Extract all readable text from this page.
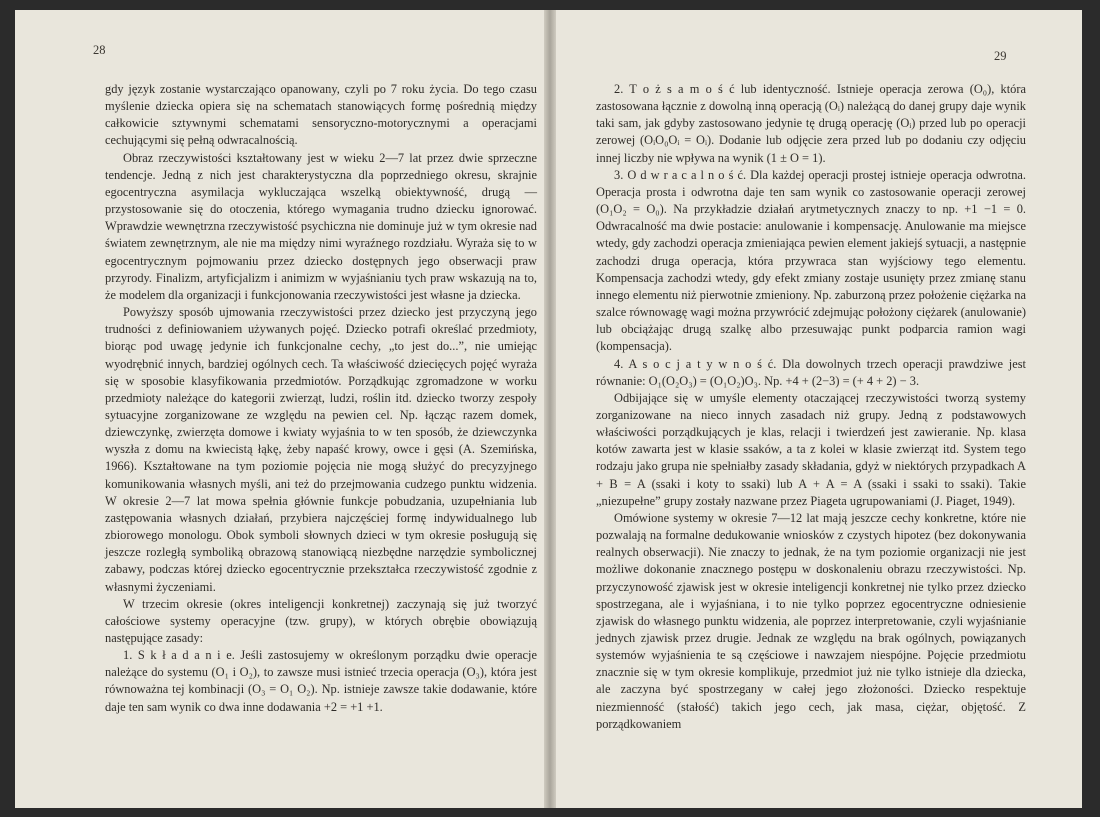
28

gdy język zostanie wystarczająco opanowany, czyli po 7 roku życia. Do tego czasu myślenie dziecka opiera się na schematach stanowiących formę pośrednią między całkowicie sztywnymi schematami sensoryczno-motorycznymi a operacjami cechującymi się pełną odwracalnością.

Obraz rzeczywistości kształtowany jest w wieku 2—7 lat przez dwie sprzeczne tendencje. Jedną z nich jest charakterystyczna dla poprzedniego okresu, skrajnie egocentryczna asymilacja wykluczająca wszelką obiektywność, drugą — przystosowanie się do otoczenia, którego wymagania trudno dziecku ignorować. Wprawdzie wewnętrzna rzeczywistość psychiczna nie dominuje już w tym okresie nad światem zewnętrznym, ale nie ma między nimi wyraźnego rozdziału. Wyraża się to w egocentrycznym pojmowaniu przez dziecko dostępnych jego obserwacji praw przyrody. Finalizm, artyficjalizm i animizm w wyjaśnianiu tych praw wskazują na to, że modelem dla organizacji i funkcjonowania rzeczywistości jest własne ja dziecka.

Powyższy sposób ujmowania rzeczywistości przez dziecko jest przyczyną jego trudności z definiowaniem używanych pojęć. Dziecko potrafi określać przedmioty, biorąc pod uwagę jedynie ich funkcjonalne cechy, „to jest do...”, nie umiejąc wyodrębnić innych, bardziej ogólnych cech. Ta właściwość dziecięcych pojęć wyraża się w sposobie klasyfikowania przedmiotów. Porządkując zgromadzone w worku przedmioty należące do kategorii zwierząt, ludzi, roślin itd. dziecko tworzy zespoły sytuacyjne zorganizowane ze względu na pewien cel. Np. łącząc razem domek, dziewczynkę, zwierzęta domowe i kwiaty wyjaśnia to w ten sposób, że dziewczynka wyszła z domu na kwiecistą łąkę, żeby napaść krowy, owce i gęsi (A. Szemińska, 1966). Kształtowane na tym poziomie pojęcia nie mogą służyć do precyzyjnego komunikowania własnych myśli, ani też do przejmowania cudzego punktu widzenia. W okresie 2—7 lat mowa spełnia głównie funkcje pobudzania, uzupełniania lub zastępowania własnych działań, przybiera najczęściej formę indywidualnego lub zbiorowego monologu. Obok symboli słownych dzieci w tym okresie posługują się jeszcze rozległą symboliką obrazową stanowiącą niezbędne narzędzie symbolicznej zabawy, podczas której dziecko egocentrycznie przekształca rzeczywistość zgodnie z własnymi życzeniami.

W trzecim okresie (okres inteligencji konkretnej) zaczynają się już tworzyć całościowe systemy operacyjne (tzw. grupy), w których obrębie obowiązują następujące zasady:

1. S k ł a d a n i e. Jeśli zastosujemy w określonym porządku dwie operacje należące do systemu (O₁ i O₂), to zawsze musi istnieć trzecia operacja (O₃), która jest równoważna tej kombinacji (O₃ = O₁ O₂). Np. istnieje zawsze takie dodawanie, które daje ten sam wynik co dwa inne dodawania +2 = +1 +1.

29

2. T o ż s a m o ś ć lub identyczność. Istnieje operacja zerowa (O₀), która zastosowana łącznie z dowolną inną operacją (Oᵢ) należącą do danej grupy daje wynik taki sam, jak gdyby zastosowano jedynie tę drugą operację (Oᵢ) przed lub po operacji zerowej (OᵢO₀Oᵢ = Oᵢ). Dodanie lub odjęcie zera przed lub po dodaniu czy odjęciu innej liczby nie wpływa na wynik (1 ± O = 1).

3. O d w r a c a l n o ś ć. Dla każdej operacji prostej istnieje operacja odwrotna. Operacja prosta i odwrotna daje ten sam wynik co zastosowanie operacji zerowej (O₁O₂ = O₀). Na przykładzie działań arytmetycznych znaczy to np. +1 −1 = 0. Odwracalność ma dwie postacie: anulowanie i kompensację. Anulowanie ma miejsce wtedy, gdy zachodzi operacja zmieniająca pewien element jakiejś sytuacji, a następnie zachodzi druga operacja, która przywraca stan wyjściowy tego elementu. Kompensacja zachodzi wtedy, gdy efekt zmiany zostaje usunięty przez zmianę stanu innego elementu niż pierwotnie zmieniony. Np. zaburzoną przez położenie ciężarka na szalce równowagę wagi można przywrócić zdejmując położony ciężarek (anulowanie) lub obciążając drugą szalkę albo przesuwając punkt podparcia ramion wagi (kompensacja).

4. A s o c j a t y w n o ś ć. Dla dowolnych trzech operacji prawdziwe jest równanie: O₁(O₂O₃) = (O₁O₂)O₃. Np. +4 + (2−3) = (+ 4 + 2) − 3.

Odbijające się w umyśle elementy otaczającej rzeczywistości tworzą systemy zorganizowane na nieco innych zasadach niż grupy. Jedną z podstawowych właściwości porządkujących je klas, relacji i twierdzeń jest zawieranie. Np. klasa kotów zawarta jest w klasie ssaków, a ta z kolei w klasie zwierząt itd. System tego rodzaju jako grupa nie spełniałby zasady składania, gdyż w niektórych przypadkach A + B = A (ssaki i koty to ssaki) lub A + A = A (ssaki i ssaki to ssaki). Takie „niezupełne” grupy zostały nazwane przez Piageta ugrupowaniami (J. Piaget, 1949).

Omówione systemy w okresie 7—12 lat mają jeszcze cechy konkretne, które nie pozwalają na formalne dedukowanie wniosków z czystych hipotez (bez dokonywania realnych obserwacji). Nie znaczy to jednak, że na tym poziomie organizacji nie jest możliwe dokonanie znacznego postępu w doskonaleniu obrazu rzeczywistości. Np. przyczynowość zjawisk jest w okresie inteligencji konkretnej nie tylko przez dziecko spostrzegana, ale i wyjaśniana, i to nie tylko poprzez egocentryczne odniesienie zjawisk do własnego punktu widzenia, ale poprzez interpretowanie, czyli wyjaśnianie jednych zjawisk przez drugie. Jednak ze względu na brak ogólnych, powiązanych systemów wyjaśnienia te są częściowe i nawzajem niespójne. Pojęcie przedmiotu znacznie się w tym okresie komplikuje, przedmiot już nie tylko istnieje dla dziecka, ale zaczyna być spostrzegany w całej jego złożoności. Dziecko respektuje niezmienność (stałość) takich jego cech, jak masa, ciężar, objętość. Z porządkowaniem
